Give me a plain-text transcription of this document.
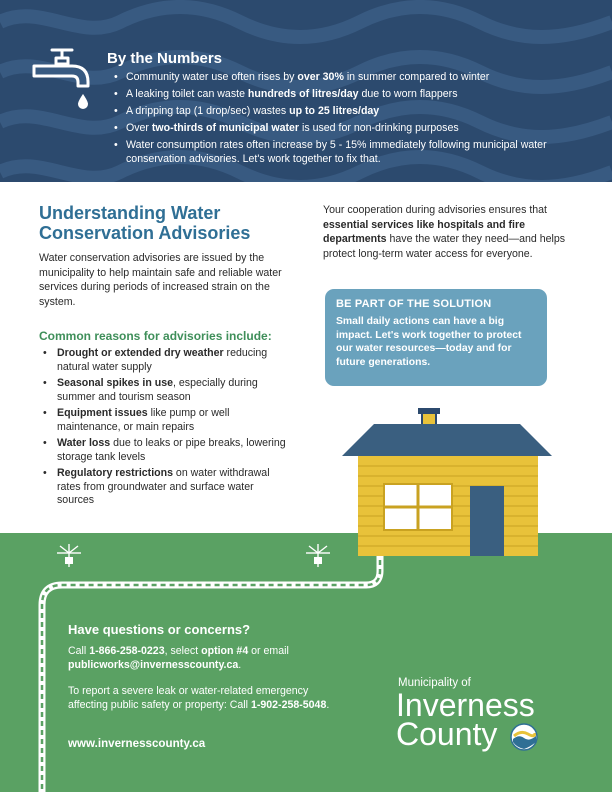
By the Numbers
• Community water use often rises by over 30% in summer compared to winter
• A leaking toilet can waste hundreds of litres/day due to worn flappers
• A dripping tap (1 drop/sec) wastes up to 25 litres/day
• Over two-thirds of municipal water is used for non-drinking purposes
• Water consumption rates often increase by 5 - 15% immediately following municipal water conservation advisories. Let's work together to fix that.
Understanding Water Conservation Advisories
Water conservation advisories are issued by the municipality to help maintain safe and reliable water services during periods of increased strain on the system.
Common reasons for advisories include:
• Drought or extended dry weather reducing natural water supply
• Seasonal spikes in use, especially during summer and tourism season
• Equipment issues like pump or well maintenance, or main repairs
• Water loss due to leaks or pipe breaks, lowering storage tank levels
• Regulatory restrictions on water withdrawal rates from groundwater and surface water sources
Your cooperation during advisories ensures that essential services like hospitals and fire departments have the water they need—and helps protect long-term water access for everyone.
BE PART OF THE SOLUTION
Small daily actions can have a big impact. Let's work together to protect our water resources—today and for future generations.
Have questions or concerns?
Call 1-866-258-0223, select option #4 or email publicworks@invernesscounty.ca.
To report a severe leak or water-related emergency affecting public safety or property: Call 1-902-258-5048.
www.invernesscounty.ca
Municipality of
Inverness
County
